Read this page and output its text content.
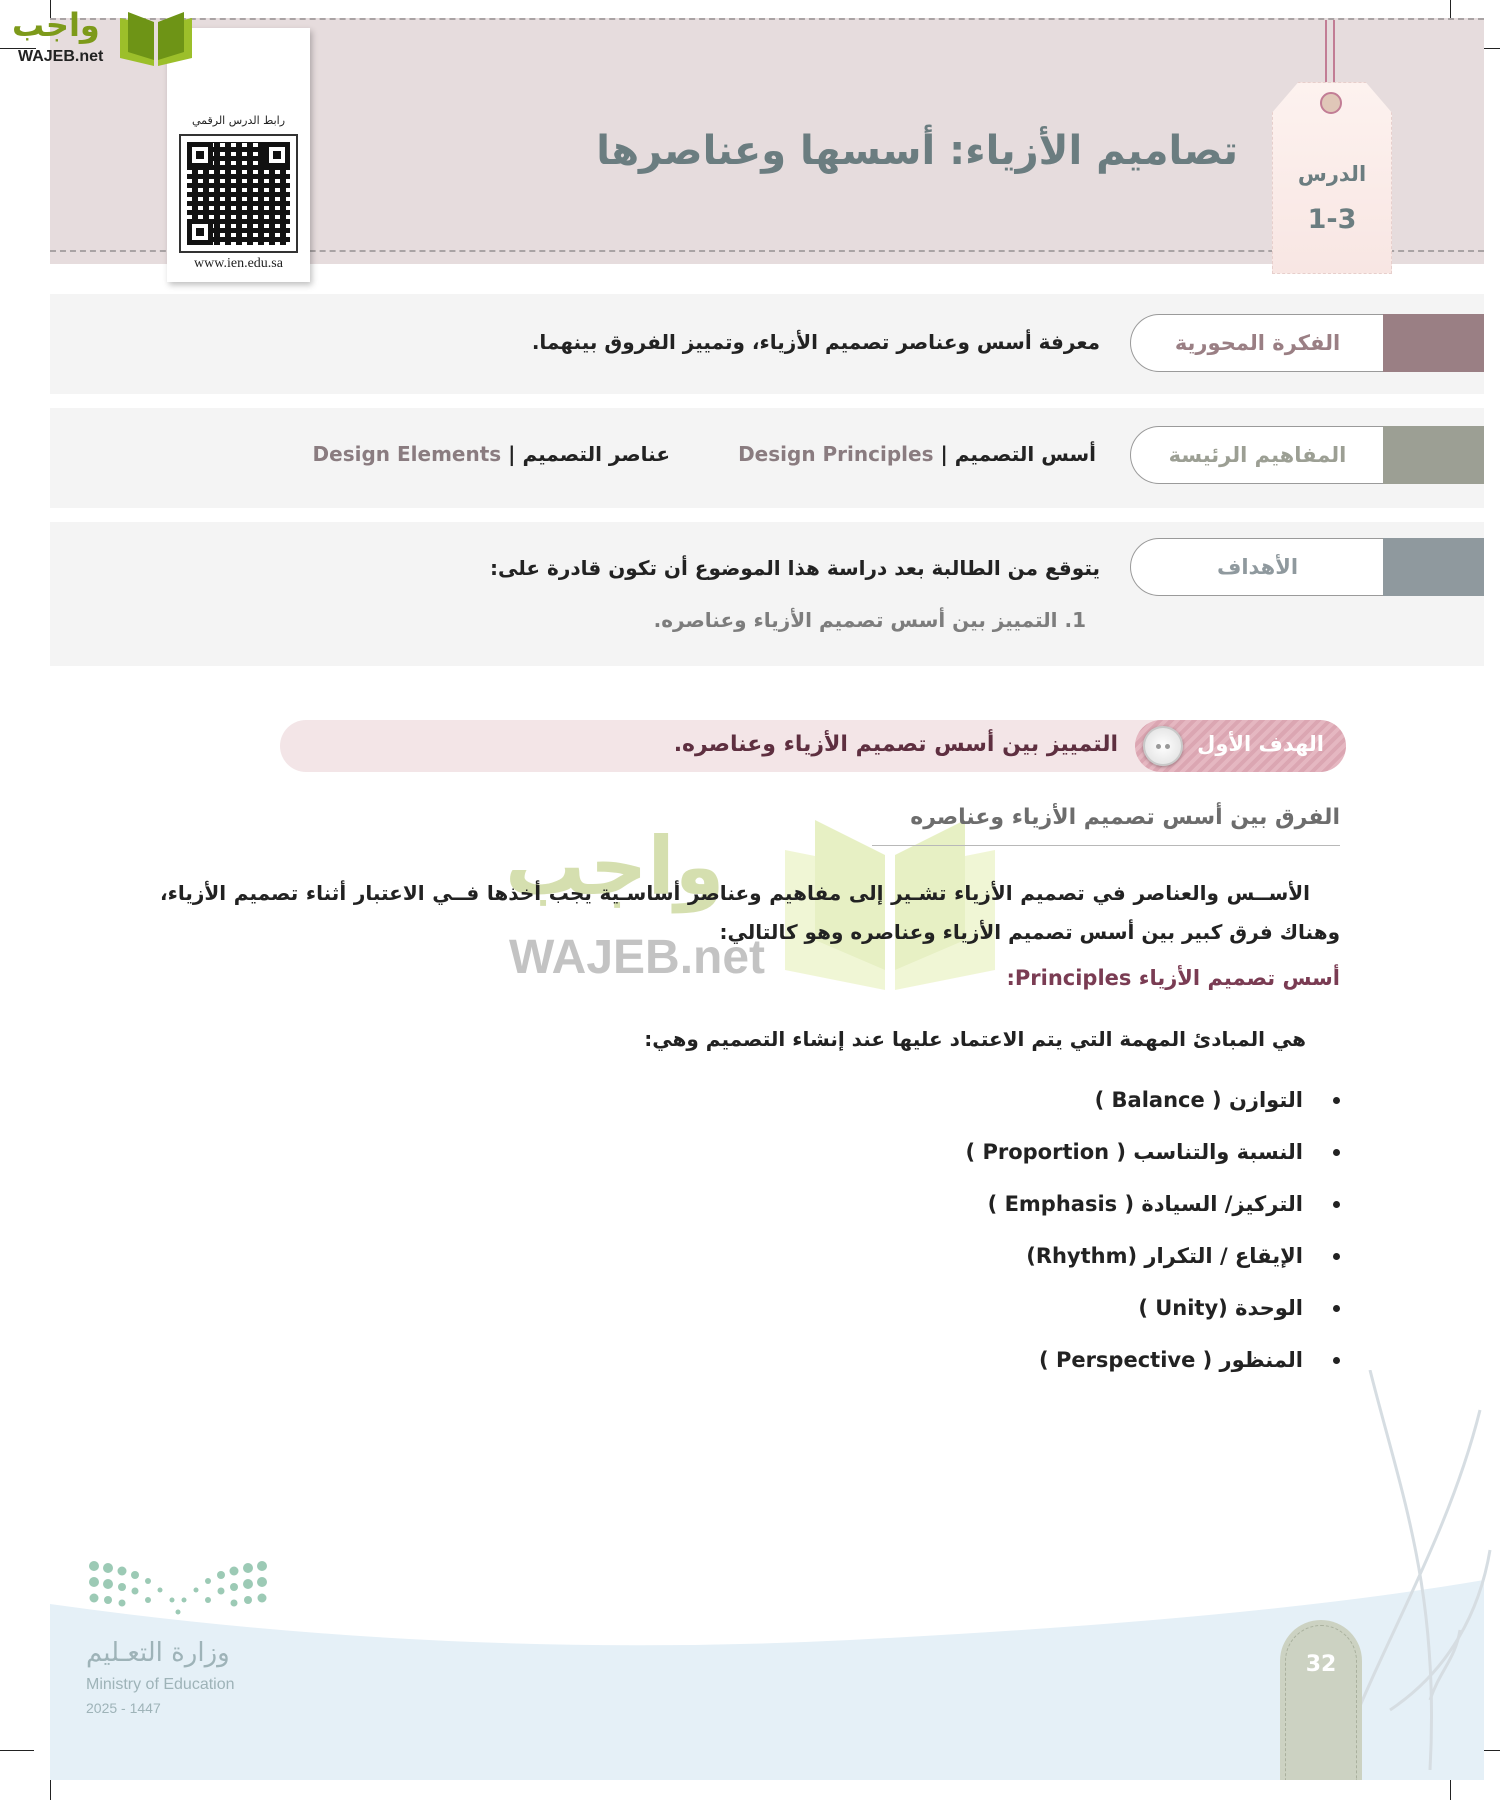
تصاميم الأزياء: أسسها وعناصرها	الدرس
1-3
رابط الدرس الرقمي
www.ien.edu.sa
واجب
WAJEB.net
الفكرة المحورية
معرفة أسس وعناصر تصميم الأزياء، وتمييز الفروق بينهما.
المفاهيم الرئيسة
أسس التصميم | Design Principles
عناصر التصميم | Design Elements
الأهداف
يتوقع من الطالبة بعد دراسة هذا الموضوع أن تكون قادرة على:
1. التمييز بين أسس تصميم الأزياء وعناصره.
الهدف الأول
التمييز بين أسس تصميم الأزياء وعناصره.
واجب
WAJEB.net
الفرق بين أسس تصميم الأزياء وعناصره

الأســس والعناصر في تصميم الأزياء تشـير إلى مفاهيم وعناصر أساسـية يجب أخذها فــي الاعتبار أثناء تصميم الأزياء، وهناك فرق كبير بين أسس تصميم الأزياء وعناصره وهو كالتالي:

أسس تصميم الأزياء Principles:
هي المبادئ المهمة التي يتم الاعتماد عليها عند إنشاء التصميم وهي:
التوازن ( Balance )
النسبة والتناسب ( Proportion )
التركيز/ السيادة ( Emphasis )
الإيقاع / التكرار (Rhythm)
الوحدة (Unity )
المنظور ( Perspective )
وزارة التعـليم
Ministry of Education
2025 - 1447
32
